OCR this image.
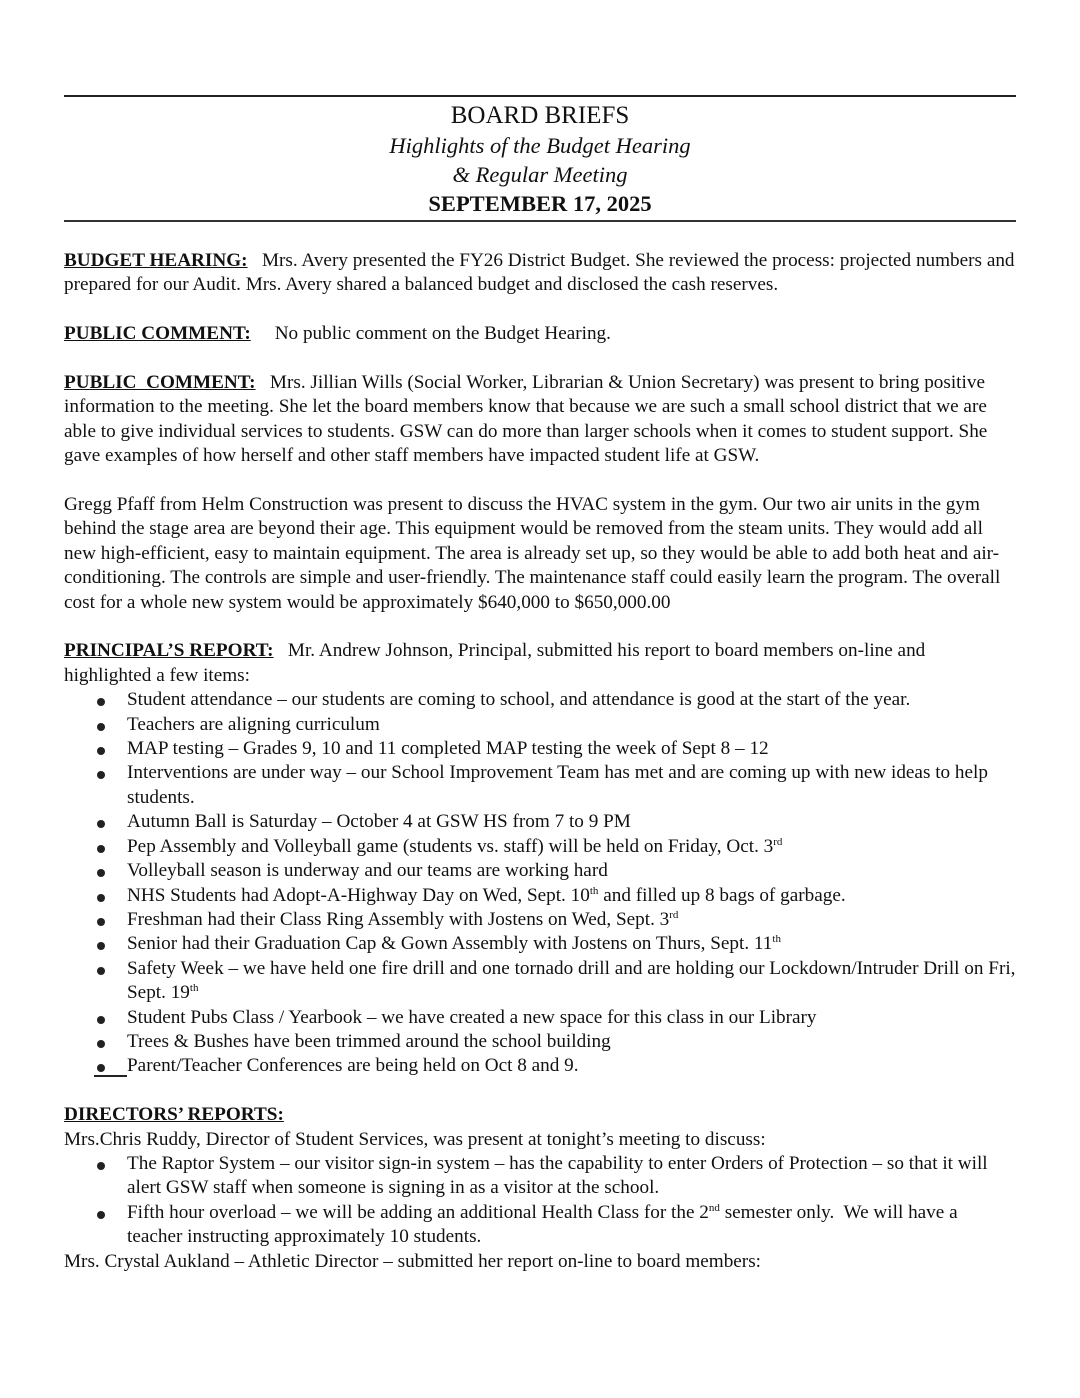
BOARD BRIEFS
Highlights of the Budget Hearing
& Regular Meeting
SEPTEMBER 17, 2025

BUDGET HEARING: Mrs. Avery presented the FY26 District Budget. She reviewed the process: projected numbers and prepared for our Audit. Mrs. Avery shared a balanced budget and disclosed the cash reserves.

PUBLIC COMMENT: No public comment on the Budget Hearing.

PUBLIC  COMMENT: Mrs. Jillian Wills (Social Worker, Librarian & Union Secretary) was present to bring positive information to the meeting. She let the board members know that because we are such a small school district that we are able to give individual services to students. GSW can do more than larger schools when it comes to student support. She gave examples of how herself and other staff members have impacted student life at GSW.

Gregg Pfaff from Helm Construction was present to discuss the HVAC system in the gym. Our two air units in the gym behind the stage area are beyond their age. This equipment would be removed from the steam units. They would add all new high-efficient, easy to maintain equipment. The area is already set up, so they would be able to add both heat and air-conditioning. The controls are simple and user-friendly. The maintenance staff could easily learn the program. The overall cost for a whole new system would be approximately $640,000 to $650,000.00

PRINCIPAL’S REPORT: Mr. Andrew Johnson, Principal, submitted his report to board members on-line and highlighted a few items:

Student attendance – our students are coming to school, and attendance is good at the start of the year.
Teachers are aligning curriculum
MAP testing – Grades 9, 10 and 11 completed MAP testing the week of Sept 8 – 12
Interventions are under way – our School Improvement Team has met and are coming up with new ideas to help students.
Autumn Ball is Saturday – October 4 at GSW HS from 7 to 9 PM
Pep Assembly and Volleyball game (students vs. staff) will be held on Friday, Oct. 3rd
Volleyball season is underway and our teams are working hard
NHS Students had Adopt-A-Highway Day on Wed, Sept. 10th and filled up 8 bags of garbage.
Freshman had their Class Ring Assembly with Jostens on Wed, Sept. 3rd
Senior had their Graduation Cap & Gown Assembly with Jostens on Thurs, Sept. 11th
Safety Week – we have held one fire drill and one tornado drill and are holding our Lockdown/Intruder Drill on Fri, Sept. 19th
Student Pubs Class / Yearbook – we have created a new space for this class in our Library
Trees & Bushes have been trimmed around the school building
Parent/Teacher Conferences are being held on Oct 8 and 9.

DIRECTORS’ REPORTS:

Mrs.Chris Ruddy, Director of Student Services, was present at tonight’s meeting to discuss:

The Raptor System – our visitor sign-in system – has the capability to enter Orders of Protection – so that it will alert GSW staff when someone is signing in as a visitor at the school.
Fifth hour overload – we will be adding an additional Health Class for the 2nd semester only.  We will have a teacher instructing approximately 10 students.

Mrs. Crystal Aukland – Athletic Director – submitted her report on-line to board members:
